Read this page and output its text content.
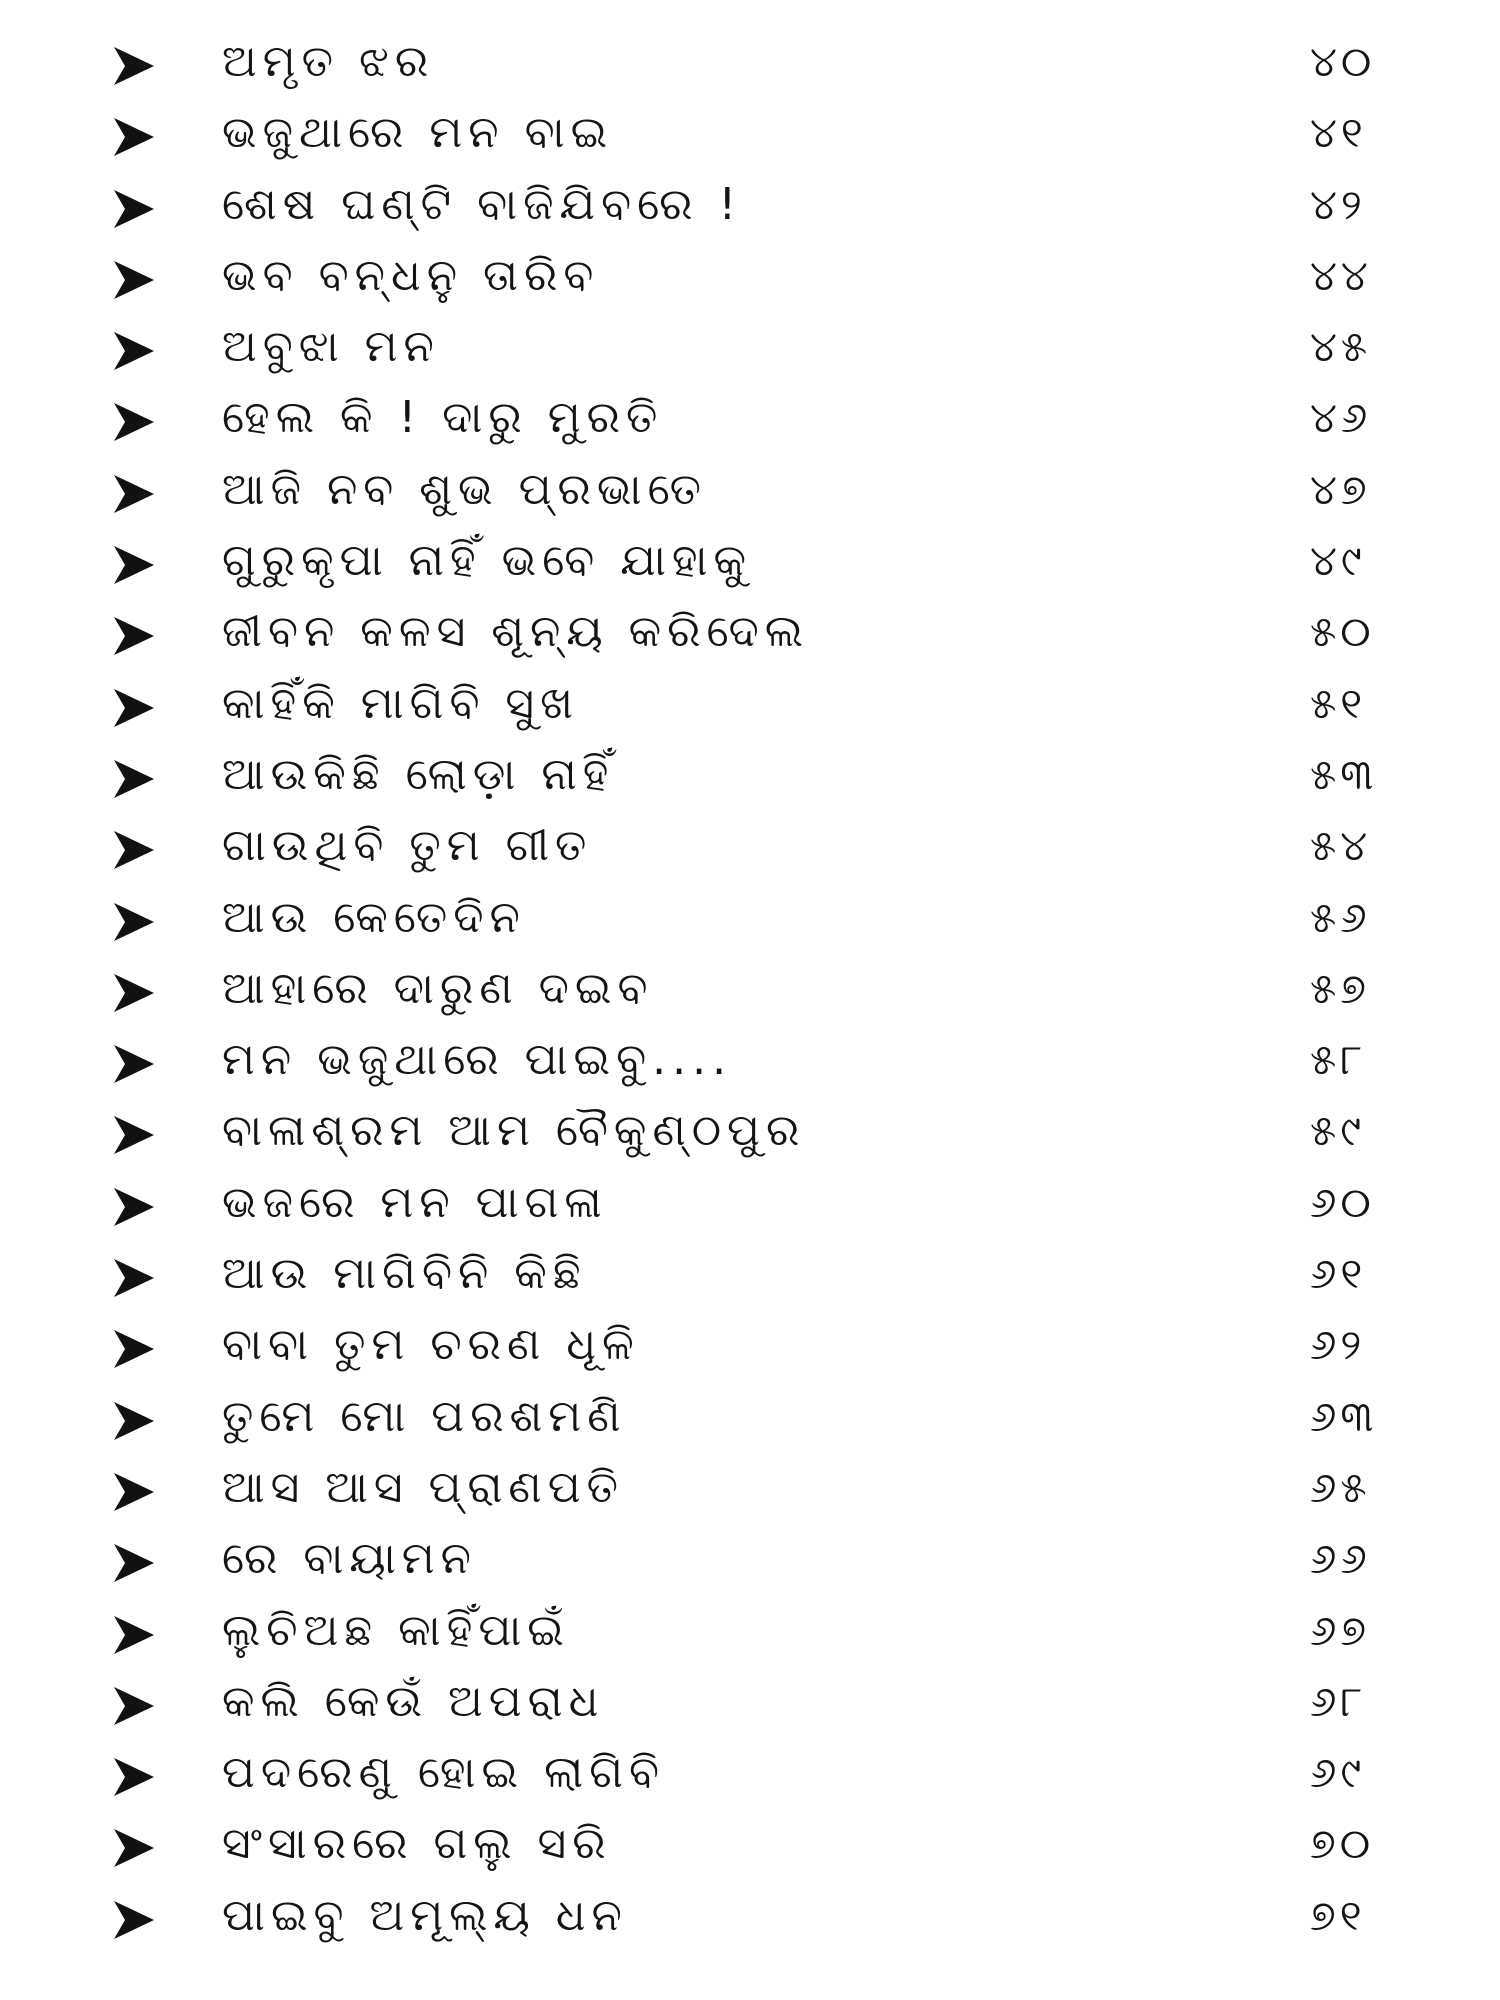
ଅମୃତ ଝର	୪୦
ଭଜୁଥାରେ ମନ ବାଇ	୪୧
ଶେଷ ଘଣ୍ଟି ବାଜିଯିବରେ !	୪୨
ଭବ ବନ୍ଧନୁ ତାରିବ	୪୪
ଅବୁଝା ମନ	୪୫
ହେଲ କି ! ଦାରୁ ମୁରତି	୪୬
ଆଜି ନବ ଶୁଭ ପ୍ରଭାତେ	୪୭
ଗୁରୁକୃପା ନାହିଁ ଭବେ ଯାହାକୁ	୪୯
ଜୀବନ କଳସ ଶୂନ୍ୟ କରିଦେଲ	୫୦
କାହିଁକି ମାଗିବି ସୁଖ	୫୧
ଆଉକିଛି ଲୋଡ଼ା ନାହିଁ	୫୩
ଗାଉଥିବି ତୁମ ଗୀତ	୫୪
ଆଉ କେତେଦିନ	୫୬
ଆହାରେ ଦାରୁଣ ଦଇବ	୫୭
ମନ ଭଜୁଥାରେ ପାଇବୁ....	୫୮
ବାଳାଶ୍ରମ ଆମ ବୈକୁଣ୍ଠପୁର	୫୯
ଭଜରେ ମନ ପାଗଳା	୬୦
ଆଉ ମାଗିବିନି କିଛି	୬୧
ବାବା ତୁମ ଚରଣ ଧୂଳି	୬୨
ତୁମେ ମୋ ପରଶମଣି	୬୩
ଆସ ଆସ ପ୍ରାଣପତି	୬୫
ରେ ବାୟାମନ	୬୬
ଲୁଚିଅଛ କାହିଁପାଇଁ	୬୭
କଲି କେଉଁ ଅପରାଧ	୬୮
ପଦରେଣୁ ହୋଇ ଲାଗିବି	୬୯
ସଂସାରରେ ଗଲୁ ସରି	୭୦
ପାଇବୁ ଅମୂଲ୍ୟ ଧନ	୭୧
